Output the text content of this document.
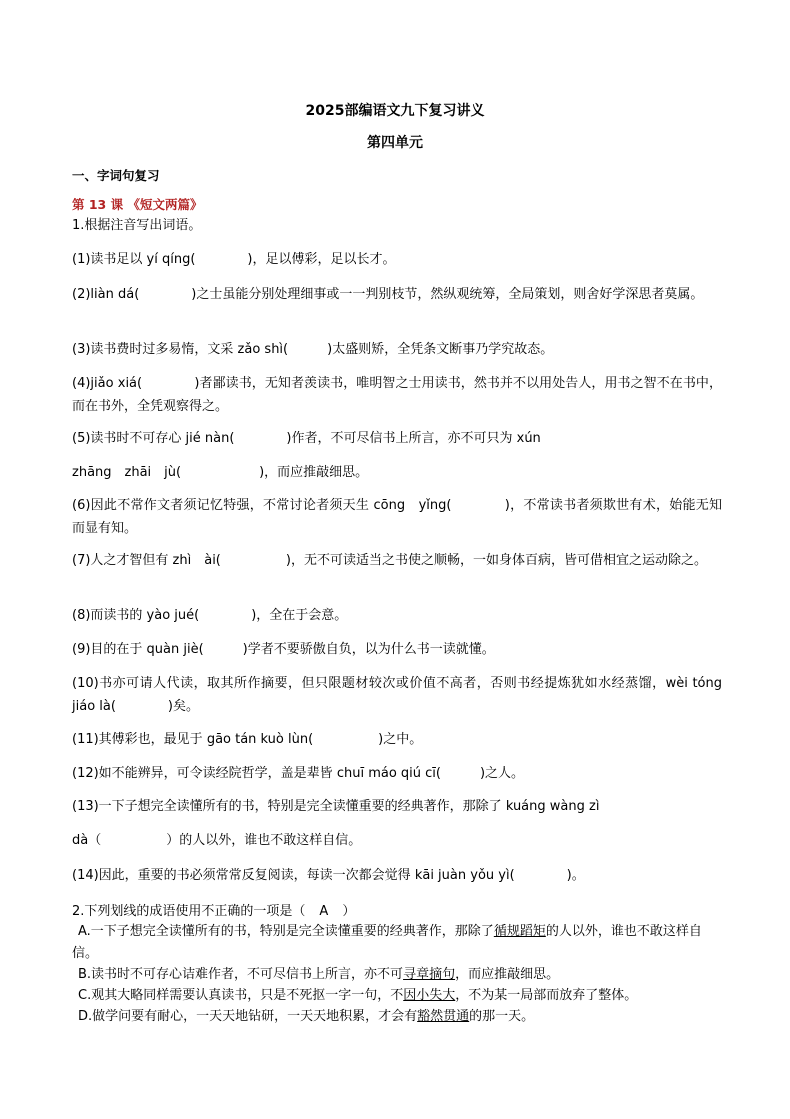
2025部编语文九下复习讲义
第四单元
一、字词句复习
第 13 课 《短文两篇》
1.根据注音写出词语。
(1)读书足以 yí qíng(　　　　)，足以傅彩，足以长才。
(2)liàn dá(　　　　)之士虽能分别处理细事或一一判别枝节，然纵观统筹，全局策划，则舍好学深思者莫属。
(3)读书费时过多易惰，文采 zǎo shì(　　　)太盛则矫，全凭条文断事乃学究故态。
(4)jiǎo xiá(　　　　)者鄙读书，无知者羡读书，唯明智之士用读书，然书并不以用处告人，用书之智不在书中，而在书外，全凭观察得之。
(5)读书时不可存心 jié nàn(　　　　)作者，不可尽信书上所言，亦不可只为 xún
zhāng　zhāi　jù(　　　　　　)，而应推敲细思。
(6)因此不常作文者须记忆特强，不常讨论者须天生 cōng　yǐng(　　　　)，不常读书者须欺世有术，始能无知而显有知。
(7)人之才智但有 zhì　ài(　　　　　)，无不可读适当之书使之顺畅，一如身体百病，皆可借相宜之运动除之。
(8)而读书的 yào jué(　　　　)，全在于会意。
(9)目的在于 quàn jiè(　　　)学者不要骄傲自负，以为什么书一读就懂。
(10)书亦可请人代读，取其所作摘要，但只限题材较次或价值不高者，否则书经提炼犹如水经蒸馏，wèi tóng jiáo là(　　　　)矣。
(11)其傅彩也，最见于 gāo tán kuò lùn(　　　　　)之中。
(12)如不能辨异，可令读经院哲学，盖是辈皆 chuī máo qiú cī(　　　)之人。
(13)一下子想完全读懂所有的书，特别是完全读懂重要的经典著作，那除了 kuáng wàng zì
dà（　　　　　）的人以外，谁也不敢这样自信。
(14)因此，重要的书必须常常反复阅读，每读一次都会觉得 kāi juàn yǒu yì(　　　　)。
2.下列划线的成语使用不正确的一项是（ A ）
A.一下子想完全读懂所有的书，特别是完全读懂重要的经典著作，那除了循规蹈矩的人以外，谁也不敢这样自信。
B.读书时不可存心诘难作者，不可尽信书上所言，亦不可寻章摘句，而应推敲细思。
C.观其大略同样需要认真读书，只是不死抠一字一句，不因小失大，不为某一局部而放弃了整体。
D.做学问要有耐心，一天天地钻研，一天天地积累，才会有豁然贯通的那一天。
